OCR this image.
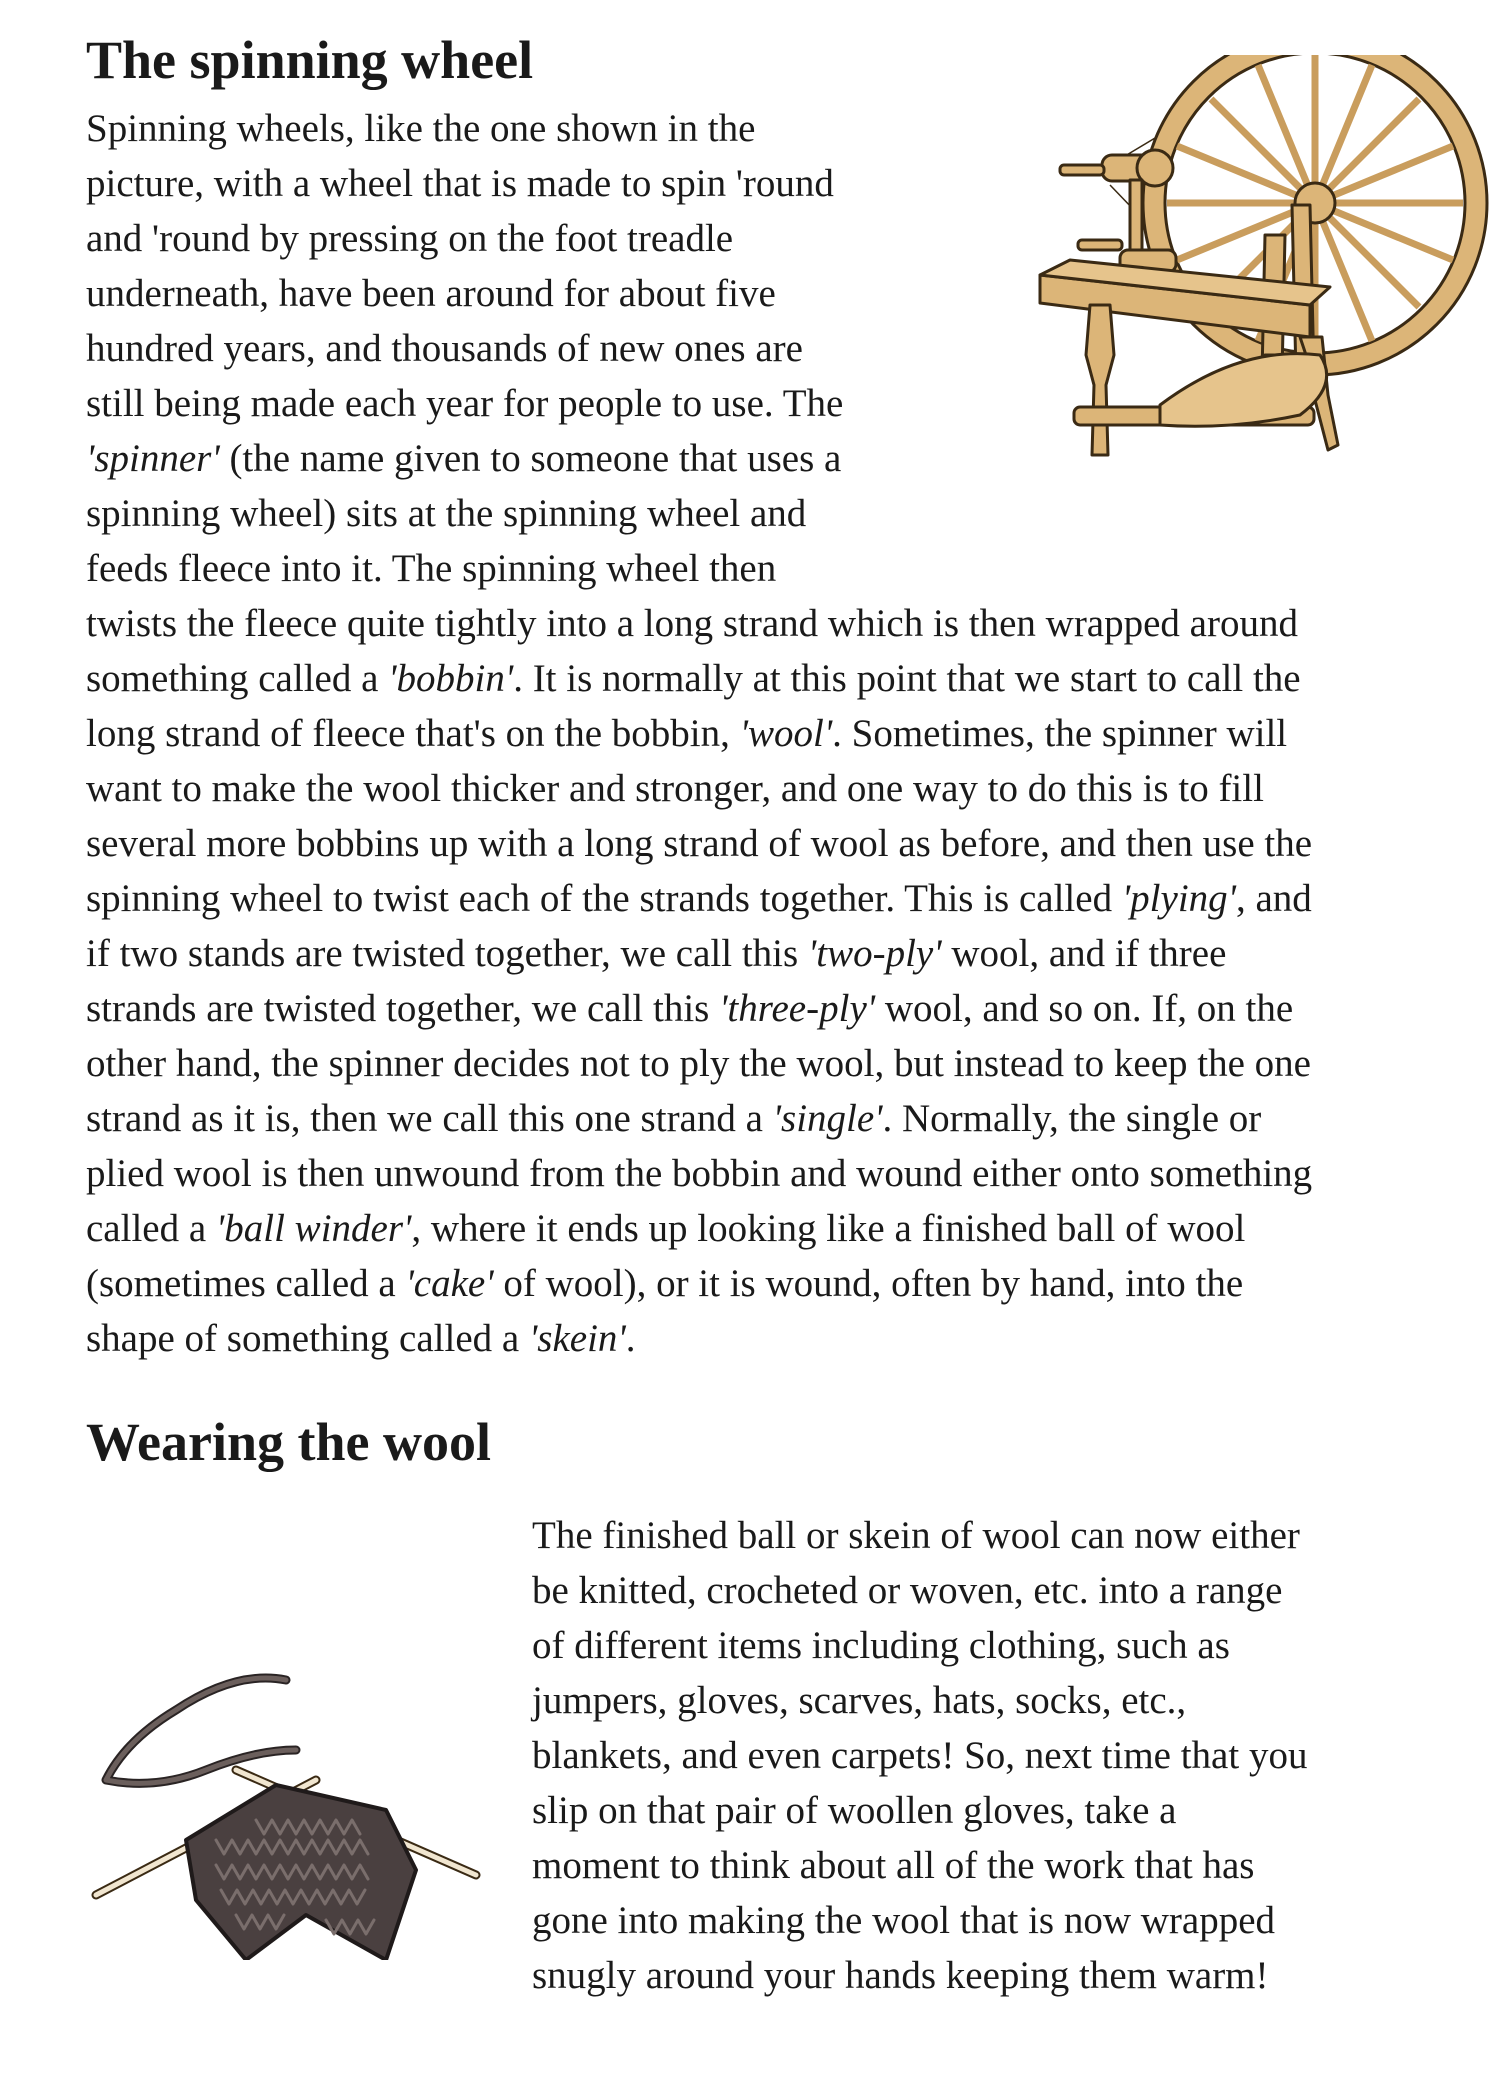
The spinning wheel
Spinning wheels, like the one shown in the
picture, with a wheel that is made to spin 'round
and 'round by pressing on the foot treadle
underneath, have been around for about five
hundred years, and thousands of new ones are
still being made each year for people to use. The
'spinner' (the name given to someone that uses a
spinning wheel) sits at the spinning wheel and
feeds fleece into it. The spinning wheel then
twists the fleece quite tightly into a long strand which is then wrapped around
something called a 'bobbin'. It is normally at this point that we start to call the
long strand of fleece that's on the bobbin, 'wool'. Sometimes, the spinner will
want to make the wool thicker and stronger, and one way to do this is to fill
several more bobbins up with a long strand of wool as before, and then use the
spinning wheel to twist each of the strands together. This is called 'plying', and
if two stands are twisted together, we call this 'two-ply' wool, and if three
strands are twisted together, we call this 'three-ply' wool, and so on. If, on the
other hand, the spinner decides not to ply the wool, but instead to keep the one
strand as it is, then we call this one strand a 'single'. Normally, the single or
plied wool is then unwound from the bobbin and wound either onto something
called a 'ball winder', where it ends up looking like a finished ball of wool
(sometimes called a 'cake' of wool), or it is wound, often by hand, into the
shape of something called a 'skein'.
Wearing the wool
The finished ball or skein of wool can now either
be knitted, crocheted or woven, etc. into a range
of different items including clothing, such as
jumpers, gloves, scarves, hats, socks, etc.,
blankets, and even carpets! So, next time that you
slip on that pair of woollen gloves, take a
moment to think about all of the work that has
gone into making the wool that is now wrapped
snugly around your hands keeping them warm!
